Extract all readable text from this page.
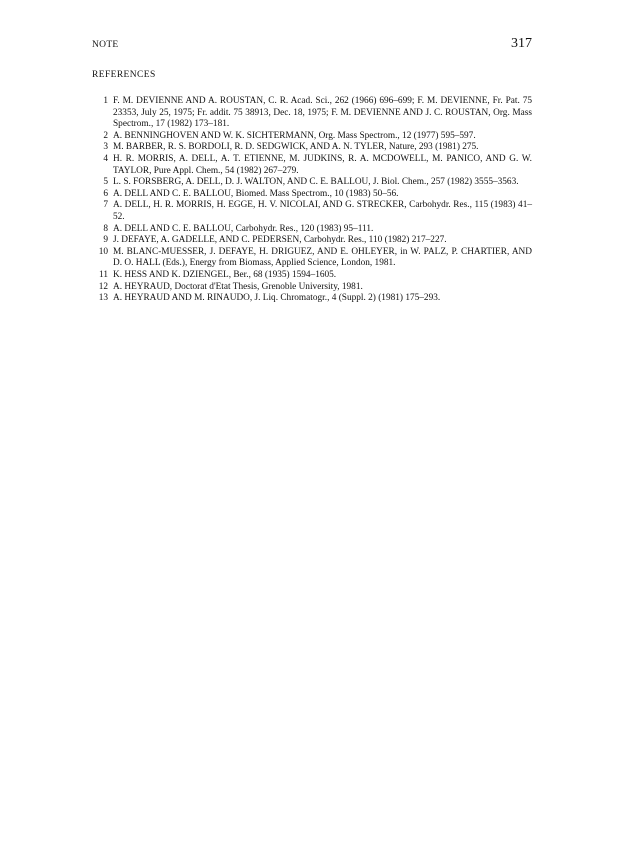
NOTE	317
REFERENCES
1 F. M. DEVIENNE AND A. ROUSTAN, C. R. Acad. Sci., 262 (1966) 696–699; F. M. DEVIENNE, Fr. Pat. 75 23353, July 25, 1975; Fr. addit. 75 38913, Dec. 18, 1975; F. M. DEVIENNE AND J. C. ROUSTAN, Org. Mass Spectrom., 17 (1982) 173–181.
2 A. BENNINGHOVEN AND W. K. SICHTERMANN, Org. Mass Spectrom., 12 (1977) 595–597.
3 M. BARBER, R. S. BORDOLI, R. D. SEDGWICK, AND A. N. TYLER, Nature, 293 (1981) 275.
4 H. R. MORRIS, A. DELL, A. T. ETIENNE, M. JUDKINS, R. A. MCDOWELL, M. PANICO, AND G. W. TAYLOR, Pure Appl. Chem., 54 (1982) 267–279.
5 L. S. FORSBERG, A. DELL, D. J. WALTON, AND C. E. BALLOU, J. Biol. Chem., 257 (1982) 3555–3563.
6 A. DELL AND C. E. BALLOU, Biomed. Mass Spectrom., 10 (1983) 50–56.
7 A. DELL, H. R. MORRIS, H. EGGE, H. V. NICOLAI, AND G. STRECKER, Carbohydr. Res., 115 (1983) 41–52.
8 A. DELL AND C. E. BALLOU, Carbohydr. Res., 120 (1983) 95–111.
9 J. DEFAYE, A. GADELLE, AND C. PEDERSEN, Carbohydr. Res., 110 (1982) 217–227.
10 M. BLANC-MUESSER, J. DEFAYE, H. DRIGUEZ, AND E. OHLEYER, in W. PALZ, P. CHARTIER, AND D. O. HALL (Eds.), Energy from Biomass, Applied Science, London, 1981.
11 K. HESS AND K. DZIENGEL, Ber., 68 (1935) 1594–1605.
12 A. HEYRAUD, Doctorat d'Etat Thesis, Grenoble University, 1981.
13 A. HEYRAUD AND M. RINAUDO, J. Liq. Chromatogr., 4 (Suppl. 2) (1981) 175–293.
